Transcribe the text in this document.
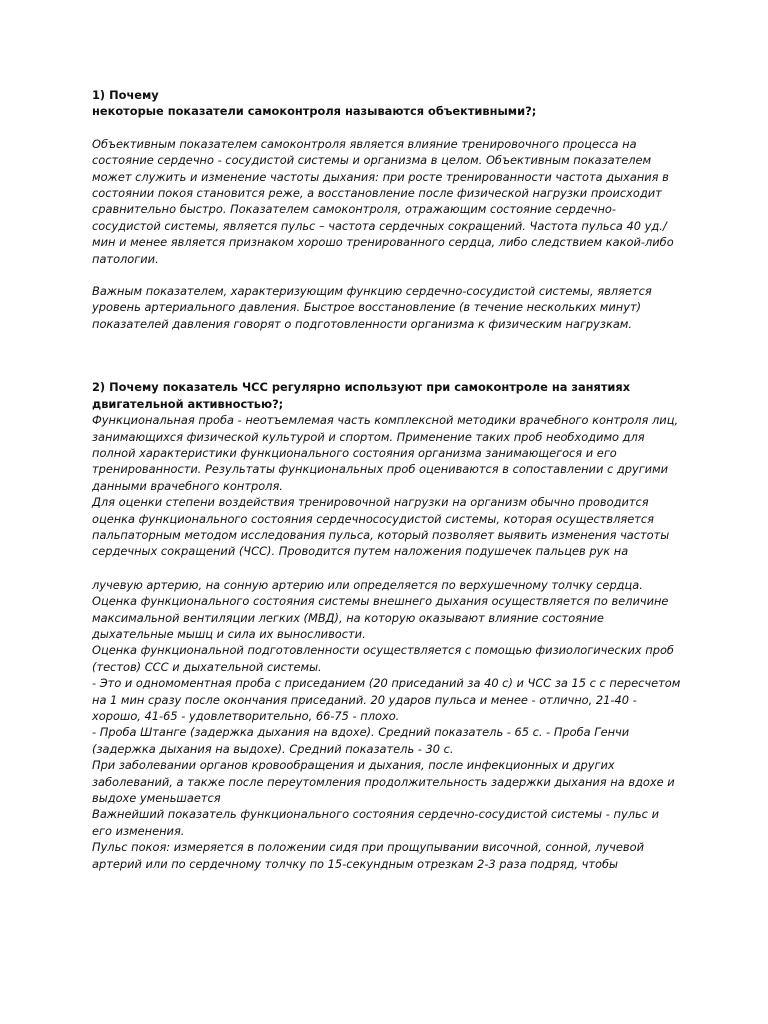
1) Почему

некоторые показатели самоконтроля называются объективными?;

Объективным показателем самоконтроля является влияние тренировочного процесса на состояние сердечно - сосудистой системы и организма в целом. Объективным показателем может служить и изменение частоты дыхания: при росте тренированности частота дыхания в состоянии покоя становится реже, а восстановление после физической нагрузки происходит сравнительно быстро. Показателем самоконтроля, отражающим состояние сердечно-сосудистой системы, является пульс – частота сердечных сокращений. Частота пульса 40 уд./мин и менее является признаком хорошо тренированного сердца, либо следствием какой-либо патологии.

Важным показателем, характеризующим функцию сердечно-сосудистой системы, является уровень артериального давления. Быстрое восстановление (в течение нескольких минут) показателей давления говорят о подготовленности организма к физическим нагрузкам.

2) Почему показатель ЧСС регулярно используют при самоконтроле на занятиях двигательной активностью?;

Функциональная проба - неотъемлемая часть комплексной методики врачебного контроля лиц, занимающихся физической культурой и спортом. Применение таких проб необходимо для полной характеристики функционального состояния организма занимающегося и его тренированности. Результаты функциональных проб оцениваются в сопоставлении с другими данными врачебного контроля.
Для оценки степени воздействия тренировочной нагрузки на организм обычно проводится оценка функционального состояния сердечнососудистой системы, которая осуществляется пальпаторным методом исследования пульса, который позволяет выявить изменения частоты сердечных сокращений (ЧСС). Проводится путем наложения подушечек пальцев рук на

лучевую артерию, на сонную артерию или определяется по верхушечному толчку сердца.
Оценка функционального состояния системы внешнего дыхания осуществляется по величине максимальной вентиляции легких (МВД), на которую оказывают влияние состояние дыхательные мышц и сила их выносливости.
Оценка функциональной подготовленности осуществляется с помощью физиологических проб (тестов) ССС и дыхательной системы.
- Это и одномоментная проба с приседанием (20 приседаний за 40 с) и ЧСС за 15 с с пересчетом на 1 мин сразу после окончания приседаний. 20 ударов пульса и менее - отлично, 21-40 - хорошо, 41-65 - удовлетворительно, 66-75 - плохо.
- Проба Штанге (задержка дыхания на вдохе). Средний показатель - 65 с. - Проба Генчи (задержка дыхания на выдохе). Средний показатель - 30 с.
При заболевании органов кровообращения и дыхания, после инфекционных и других заболеваний, а также после переутомления продолжительность задержки дыхания на вдохе и выдохе уменьшается
Важнейший показатель функционального состояния сердечно-сосудистой системы - пульс и его изменения.
Пульс покоя: измеряется в положении сидя при прощупывании височной, сонной, лучевой артерий или по сердечному толчку по 15-секундным отрезкам 2-3 раза подряд, чтобы
